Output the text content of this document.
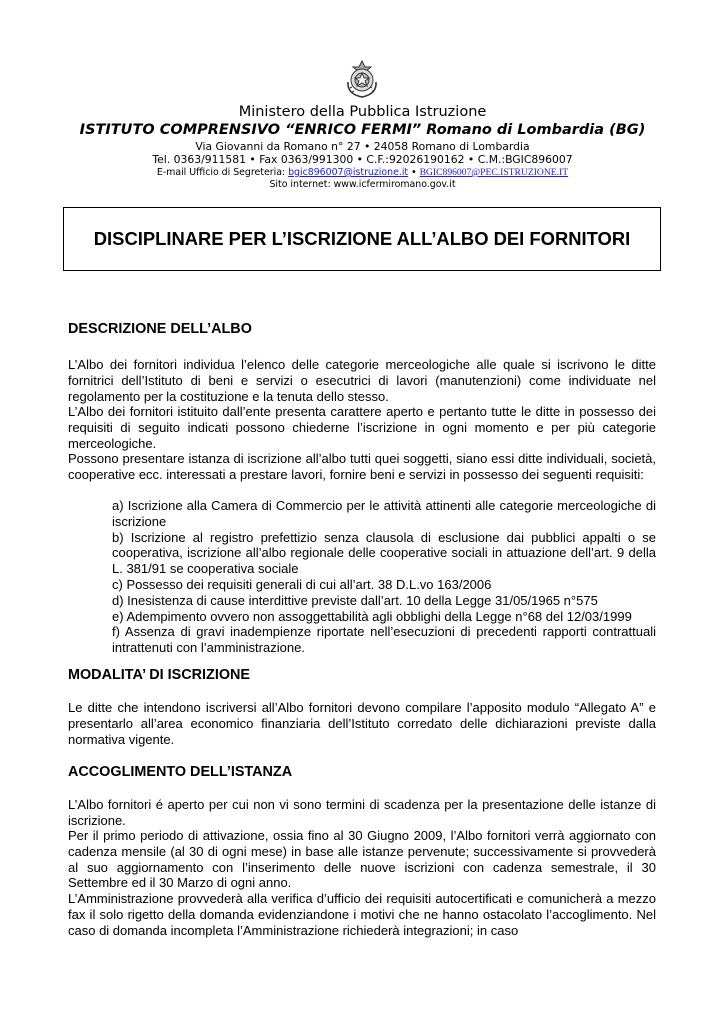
Ministero della Pubblica Istruzione
ISTITUTO COMPRENSIVO “ENRICO FERMI” Romano di Lombardia (BG)
Via Giovanni da Romano n° 27 • 24058 Romano di Lombardia
Tel. 0363/911581 • Fax 0363/991300 • C.F.:92026190162 • C.M.:BGIC896007
E-mail Ufficio di Segreteria: bgic896007@istruzione.it • BGIC896007@PEC.ISTRUZIONE.IT
Sito internet: www.icfermiromano.gov.it
DISCIPLINARE PER L’ISCRIZIONE ALL’ALBO DEI FORNITORI
DESCRIZIONE DELL’ALBO
L’Albo dei fornitori individua l’elenco delle categorie merceologiche alle quale si iscrivono le ditte fornitrici dell’Istituto di beni e servizi o esecutrici di lavori (manutenzioni) come individuate nel regolamento per la costituzione e la tenuta dello stesso.
L’Albo dei fornitori istituito dall’ente presenta carattere aperto e pertanto tutte le ditte in possesso dei requisiti di seguito indicati possono chiederne l’iscrizione in ogni momento e per più categorie merceologiche.
Possono presentare istanza di iscrizione all’albo tutti quei soggetti, siano essi ditte individuali, società, cooperative ecc. interessati a prestare lavori, fornire beni e servizi in possesso dei seguenti requisiti:
a) Iscrizione alla Camera di Commercio per le attività attinenti alle categorie merceologiche di iscrizione
b) Iscrizione al registro prefettizio senza clausola di esclusione dai pubblici appalti o se cooperativa, iscrizione all’albo regionale delle cooperative sociali in attuazione dell’art. 9 della L. 381/91 se cooperativa sociale
c) Possesso dei requisiti generali di cui all’art. 38 D.L.vo 163/2006
d) Inesistenza di cause interdittive previste dall’art. 10 della Legge 31/05/1965 n°575
e) Adempimento ovvero non assoggettabilità agli obblighi della Legge n°68 del 12/03/1999
f) Assenza di gravi inadempienze riportate nell’esecuzioni di precedenti rapporti contrattuali intrattenuti con l’amministrazione.
MODALITA’ DI ISCRIZIONE
Le ditte che intendono iscriversi all’Albo fornitori devono compilare l’apposito modulo “Allegato A” e presentarlo all’area economico finanziaria dell’Istituto corredato delle dichiarazioni previste dalla normativa vigente.
ACCOGLIMENTO DELL’ISTANZA
L’Albo fornitori é aperto per cui non vi sono termini di scadenza per la presentazione delle istanze di iscrizione.
Per il primo periodo di attivazione, ossia fino al 30 Giugno 2009, l’Albo fornitori verrà aggiornato con cadenza mensile (al 30 di ogni mese) in base alle istanze pervenute; successivamente si provvederà al suo aggiornamento con l’inserimento delle nuove iscrizioni con cadenza semestrale, il 30 Settembre ed il 30 Marzo di ogni anno.
L’Amministrazione provvederà alla verifica d’ufficio dei requisiti autocertificati e comunicherà a mezzo fax il solo rigetto della domanda evidenziandone i motivi che ne hanno ostacolato l’accoglimento. Nel caso di domanda incompleta l’Amministrazione richiederà integrazioni; in caso
